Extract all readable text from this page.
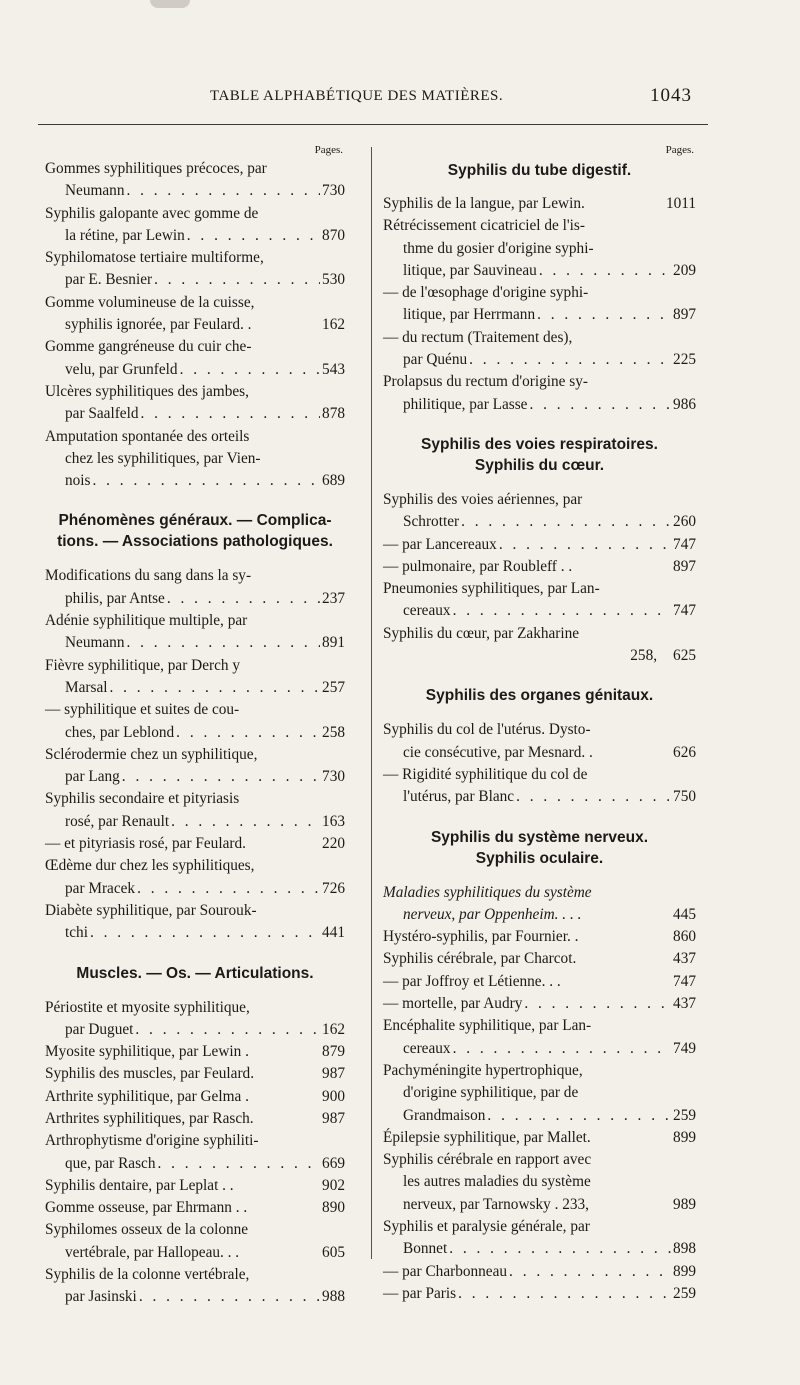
TABLE ALPHABÉTIQUE DES MATIÈRES.	1043
Pages.
Gommes syphilitiques précoces, par
Neumann . . .	730
Syphilis galopante avec gomme de
la rétine, par Lewin . . .	870
Syphilomatose tertiaire multiforme,
par E. Besnier . . .	530
Gomme volumineuse de la cuisse,
syphilis ignorée, par Feulard. .	162
Gomme gangréneuse du cuir che-
velu, par Grunfeld . . .	543
Ulcères syphilitiques des jambes,
par Saalfeld . . .	878
Amputation spontanée des orteils
chez les syphilitiques, par Vien-
nois . . .	689
Phénomènes généraux. — Complica-
tions. — Associations pathologiques.
Modifications du sang dans la sy-
philis, par Antse . . .	237
Adénie syphilitique multiple, par
Neumann . . .	891
Fièvre syphilitique, par Derch y
Marsal . . .	257
— syphilitique et suites de cou-
ches, par Leblond . . .	258
Sclérodermie chez un syphilitique,
par Lang . . .	730
Syphilis secondaire et pityriasis
rosé, par Renault . . .	163
— et pityriasis rosé, par Feulard.	220
Œdème dur chez les syphilitiques,
par Mracek . . .	726
Diabète syphilitique, par Sourouk-
tchi . . .	441
Muscles. — Os. — Articulations.
Périostite et myosite syphilitique,
par Duguet . . .	162
Myosite syphilitique, par Lewin .	879
Syphilis des muscles, par Feulard.	987
Arthrite syphilitique, par Gelma .	900
Arthrites syphilitiques, par Rasch.	987
Arthrophytisme d'origine syphiliti-
que, par Rasch . . .	669
Syphilis dentaire, par Leplat . .	902
Gomme osseuse, par Ehrmann . .	890
Syphilomes osseux de la colonne
vertébrale, par Hallopeau. . .	605
Syphilis de la colonne vertébrale,
par Jasinski . . .	988
Pages.
Syphilis du tube digestif.
Syphilis de la langue, par Lewin.	1011
Rétrécissement cicatriciel de l'is-
thme du gosier d'origine syphi-
litique, par Sauvineau . . .	209
— de l'œsophage d'origine syphi-
litique, par Herrmann . . .	897
— du rectum (Traitement des),
par Quénu . . .	225
Prolapsus du rectum d'origine sy-
philitique, par Lasse . . .	986
Syphilis des voies respiratoires.
Syphilis du cœur.
Syphilis des voies aériennes, par
Schrotter . . .	260
— par Lancereaux . . .	747
— pulmonaire, par Roubleff . .	897
Pneumonies syphilitiques, par Lan-
cereaux . . .	747
Syphilis du cœur, par Zakharine
258, 625
Syphilis des organes génitaux.
Syphilis du col de l'utérus. Dysto-
cie consécutive, par Mesnard. .	626
— Rigidité syphilitique du col de
l'utérus, par Blanc . . .	750
Syphilis du système nerveux.
Syphilis oculaire.
Maladies syphilitiques du système
nerveux, par Oppenheim. . . .	445
Hystéro-syphilis, par Fournier. .	860
Syphilis cérébrale, par Charcot.	437
— par Joffroy et Létienne. . .	747
— mortelle, par Audry . . .	437
Encéphalite syphilitique, par Lan-
cereaux . . .	749
Pachyméningite hypertrophique,
d'origine syphilitique, par de
Grandmaison . . .	259
Épilepsie syphilitique, par Mallet.	899
Syphilis cérébrale en rapport avec
les autres maladies du système
nerveux, par Tarnowsky . 233,	989
Syphilis et paralysie générale, par
Bonnet . . .	898
— par Charbonneau . . .	899
— par Paris . . .	259
